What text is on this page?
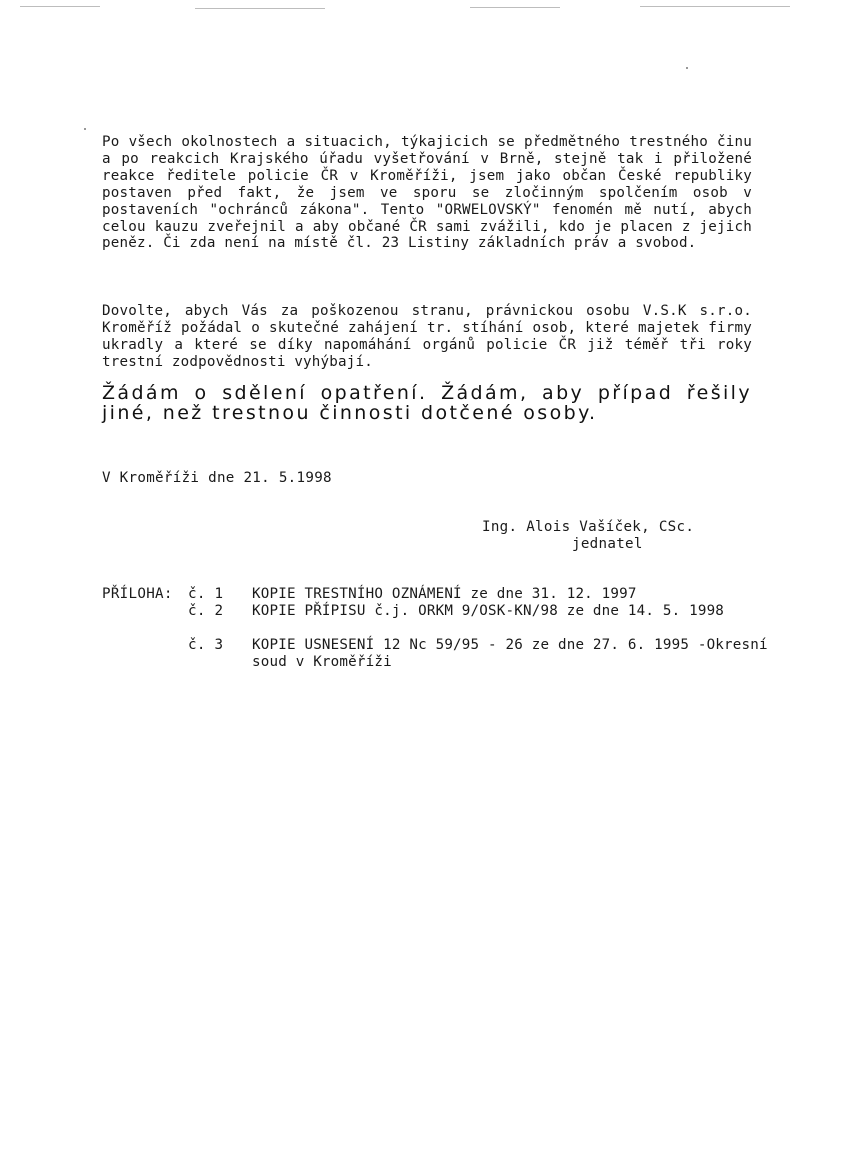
Po všech okolnostech a situacich, týkajicich se předmětného trestného činu a po reakcich Krajského úřadu vyšetřování v Brně, stejně tak i přiložené reakce ředitele policie ČR v Kroměříži, jsem jako občan České republiky postaven před fakt, že jsem ve sporu se zločinným spolčením osob v postaveních "ochránců zákona". Tento "ORWELOVSKÝ" fenomén mě nutí, abych celou kauzu zveřejnil a aby občané ČR sami zvážili, kdo je placen z jejich peněz. Či zda není na místě čl. 23 Listiny základních práv a svobod.
Dovolte, abych Vás za poškozenou stranu, právnickou osobu V.S.K s.r.o. Kroměříž požádal o skutečné zahájení tr. stíhání osob, které majetek firmy ukradly a které se díky napomáhání orgánů policie ČR již téměř tři roky trestní zodpovědnosti vyhýbají.
Žádám o sdělení opatření. Žádám, aby případ řešily jiné, než trestnou činnosti dotčené osoby.
V Kroměříži dne 21. 5.1998
Ing. Alois Vašíček, CSc.
jednatel
PŘÍLOHA: č. 1 KOPIE TRESTNÍHO OZNÁMENÍ ze dne 31. 12. 1997
č. 2 KOPIE PŘÍPISU č.j. ORKM 9/OSK-KN/98 ze dne 14. 5. 1998
č. 3 KOPIE USNESENÍ 12 Nc 59/95 - 26 ze dne 27. 6. 1995 -Okresní soud v Kroměříži
